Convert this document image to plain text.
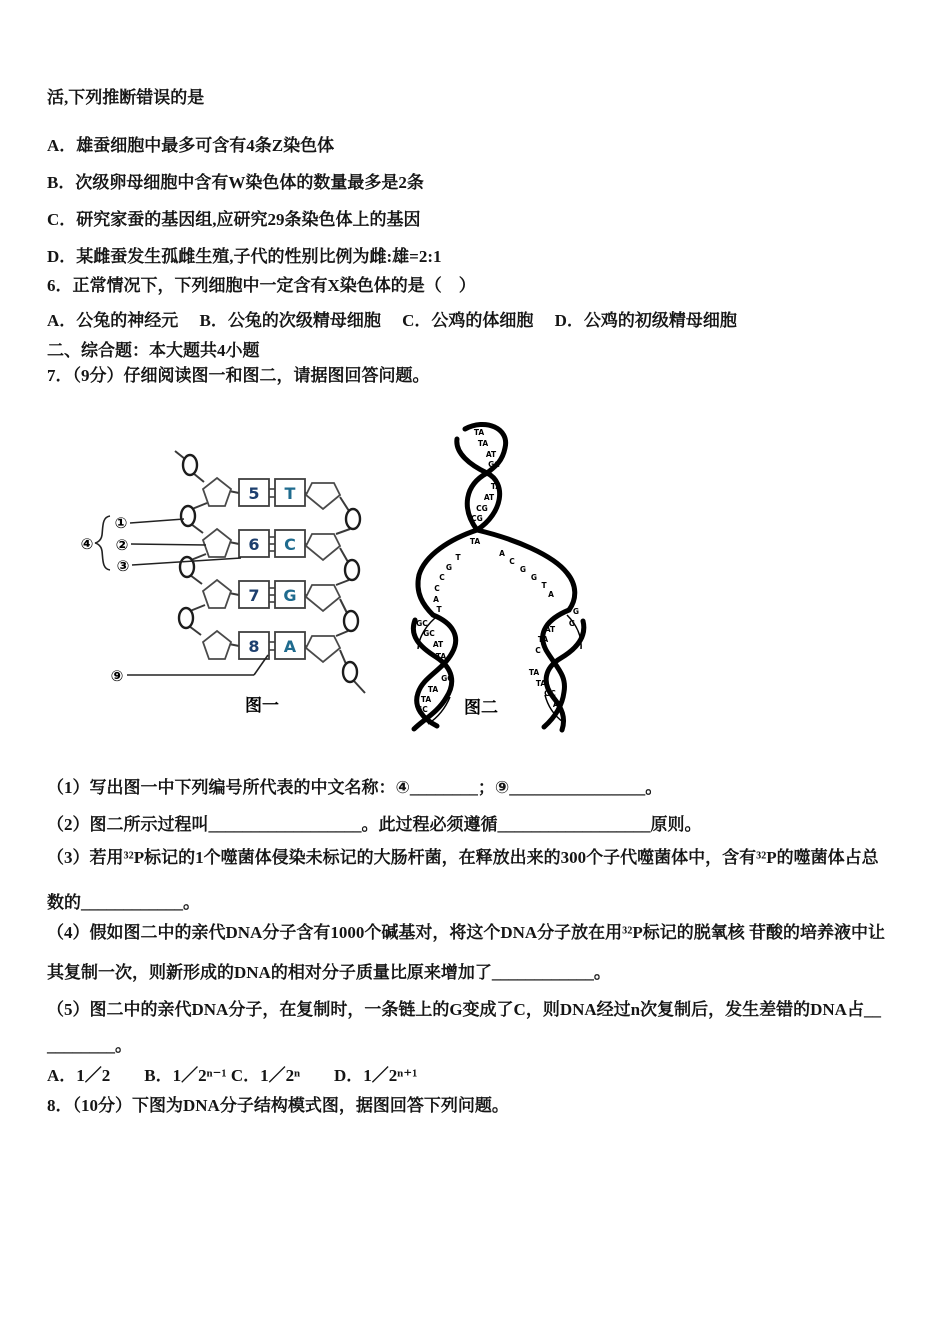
活,下列推断错误的是

A．雄蚕细胞中最多可含有4条Z染色体

B．次级卵母细胞中含有W染色体的数量最多是2条

C．研究家蚕的基因组,应研究29条染色体上的基因

D．某雌蚕发生孤雌生殖,子代的性别比例为雌:雄=2:1

6．正常情况下，下列细胞中一定含有X染色体的是（　）

A．公兔的神经元　 B．公兔的次级精母细胞　 C．公鸡的体细胞　 D．公鸡的初级精母细胞

二、综合题：本大题共4小题

7．（9分）仔细阅读图一和图二，请据图回答问题。

5 T
6 C
7 G
8 A
①
②
③
④
⑨
图一
TA
TA
AT
GC
TA
AT
CG
CG
TA
T
G
C
C
A
T
A
C
G
G
T
A
G
G
GC
GC
AT
TA
GC
TA
TA
GC
AT
TA
C
TA
TA
GC
AT
图二

（1）写出图一中下列编号所代表的中文名称：④________；⑨________________。

（2）图二所示过程叫__________________。此过程必须遵循__________________原则。

（3）若用³²P标记的1个噬菌体侵染未标记的大肠杆菌，在释放出来的300个子代噬菌体中，含有³²P的噬菌体占总

数的____________。

（4）假如图二中的亲代DNA分子含有1000个碱基对，将这个DNA分子放在用³²P标记的脱氧核 苷酸的培养液中让

其复制一次，则新形成的DNA的相对分子质量比原来增加了____________。

（5）图二中的亲代DNA分子，在复制时，一条链上的G变成了C，则DNA经过n次复制后，发生差错的DNA占__

________。

A．1／2　　B．1／2ⁿ⁻¹ C．1／2ⁿ　　D．1／2ⁿ⁺¹

8．（10分）下图为DNA分子结构模式图，据图回答下列问题。
